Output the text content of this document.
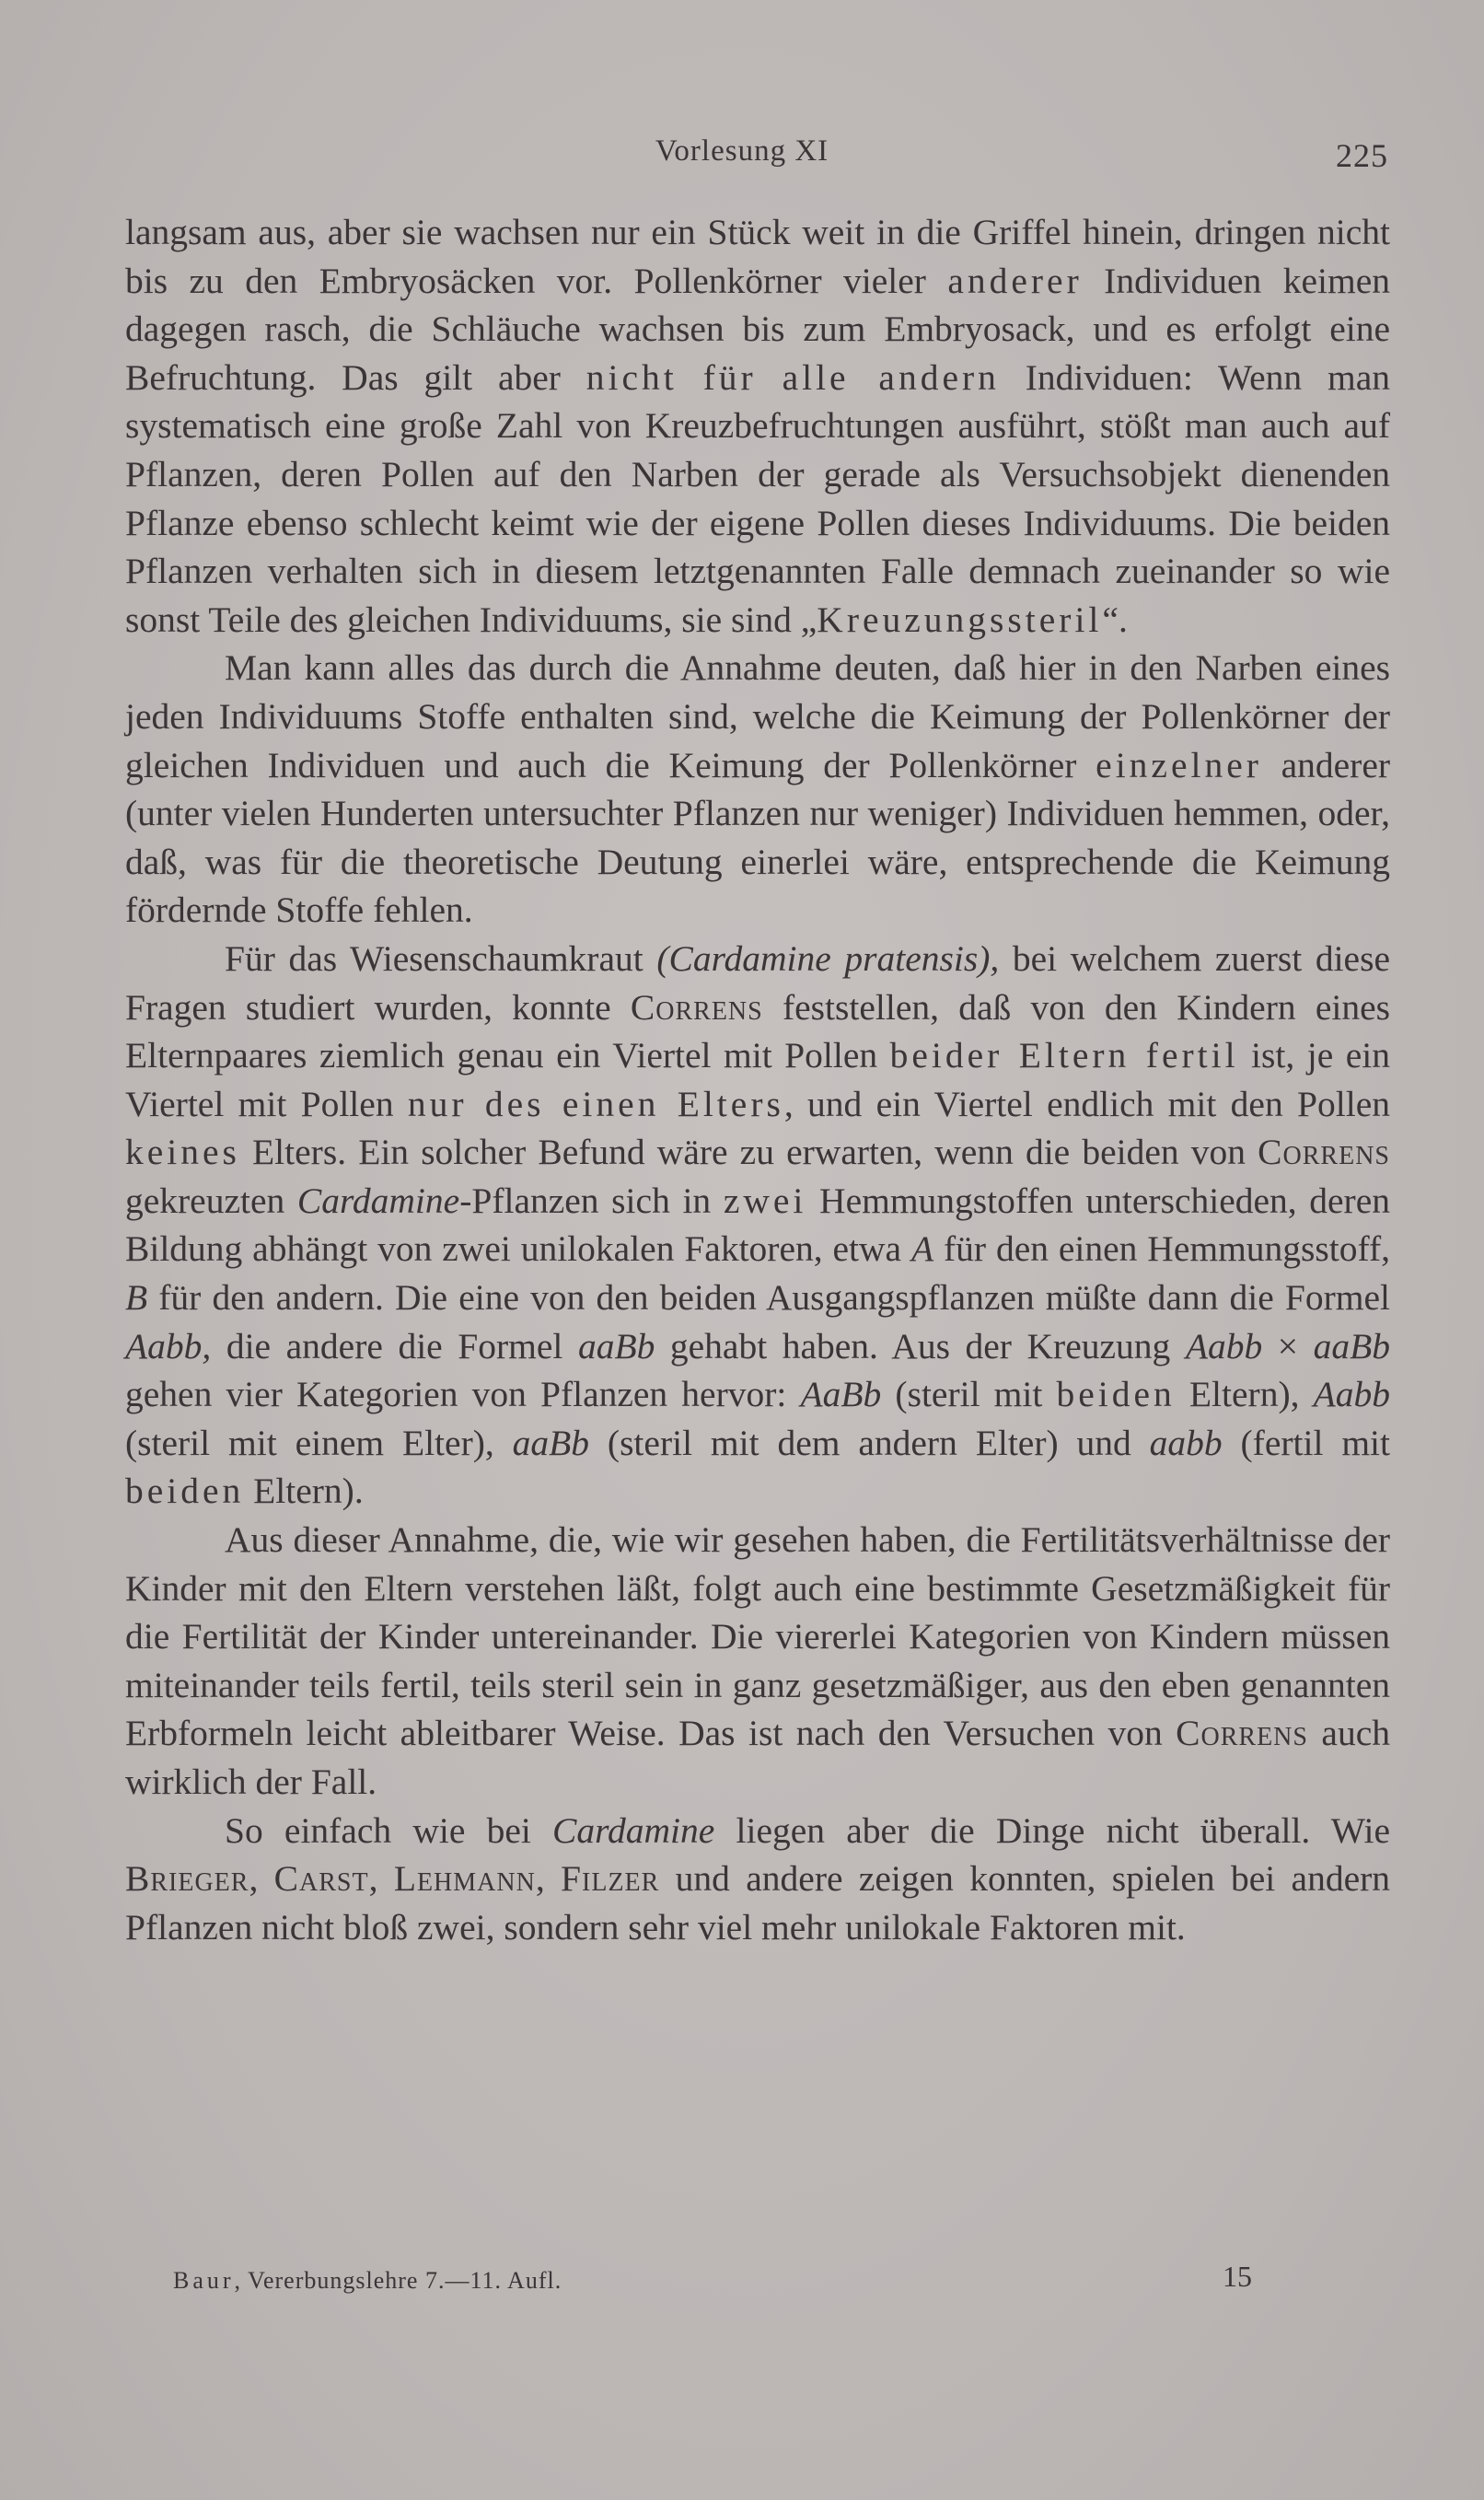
Vorlesung XI	225

langsam aus, aber sie wachsen nur ein Stück weit in die Griffel hinein, dringen nicht bis zu den Embryosäcken vor. Pollenkörner vieler anderer Individuen keimen dagegen rasch, die Schläuche wachsen bis zum Embryosack, und es erfolgt eine Befruchtung. Das gilt aber nicht für alle andern Individuen: Wenn man systematisch eine große Zahl von Kreuzbefruchtungen ausführt, stößt man auch auf Pflanzen, deren Pollen auf den Narben der gerade als Versuchsobjekt dienenden Pflanze ebenso schlecht keimt wie der eigene Pollen dieses Individuums. Die beiden Pflanzen verhalten sich in diesem letztgenannten Falle demnach zueinander so wie sonst Teile des gleichen Individuums, sie sind „Kreuzungssteril“.

Man kann alles das durch die Annahme deuten, daß hier in den Narben eines jeden Individuums Stoffe enthalten sind, welche die Keimung der Pollenkörner der gleichen Individuen und auch die Keimung der Pollenkörner einzelner anderer (unter vielen Hunderten untersuchter Pflanzen nur weniger) Individuen hemmen, oder, daß, was für die theoretische Deutung einerlei wäre, entsprechende die Keimung fördernde Stoffe fehlen.

Für das Wiesenschaumkraut (Cardamine pratensis), bei welchem zuerst diese Fragen studiert wurden, konnte Correns feststellen, daß von den Kindern eines Elternpaares ziemlich genau ein Viertel mit Pollen beider Eltern fertil ist, je ein Viertel mit Pollen nur des einen Elters, und ein Viertel endlich mit den Pollen keines Elters. Ein solcher Befund wäre zu erwarten, wenn die beiden von Correns gekreuzten Cardamine-Pflanzen sich in zwei Hemmungstoffen unterschieden, deren Bildung abhängt von zwei unilokalen Faktoren, etwa A für den einen Hemmungsstoff, B für den andern. Die eine von den beiden Ausgangspflanzen müßte dann die Formel Aabb, die andere die Formel aaBb gehabt haben. Aus der Kreuzung Aabb × aaBb gehen vier Kategorien von Pflanzen hervor: AaBb (steril mit beiden Eltern), Aabb (steril mit einem Elter), aaBb (steril mit dem andern Elter) und aabb (fertil mit beiden Eltern).

Aus dieser Annahme, die, wie wir gesehen haben, die Fertilitätsverhältnisse der Kinder mit den Eltern verstehen läßt, folgt auch eine bestimmte Gesetzmäßigkeit für die Fertilität der Kinder untereinander. Die viererlei Kategorien von Kindern müssen miteinander teils fertil, teils steril sein in ganz gesetzmäßiger, aus den eben genannten Erbformeln leicht ableitbarer Weise. Das ist nach den Versuchen von Correns auch wirklich der Fall.

So einfach wie bei Cardamine liegen aber die Dinge nicht überall. Wie Brieger, Carst, Lehmann, Filzer und andere zeigen konnten, spielen bei andern Pflanzen nicht bloß zwei, sondern sehr viel mehr unilokale Faktoren mit.

Baur, Vererbungslehre 7.—11. Aufl.	15
